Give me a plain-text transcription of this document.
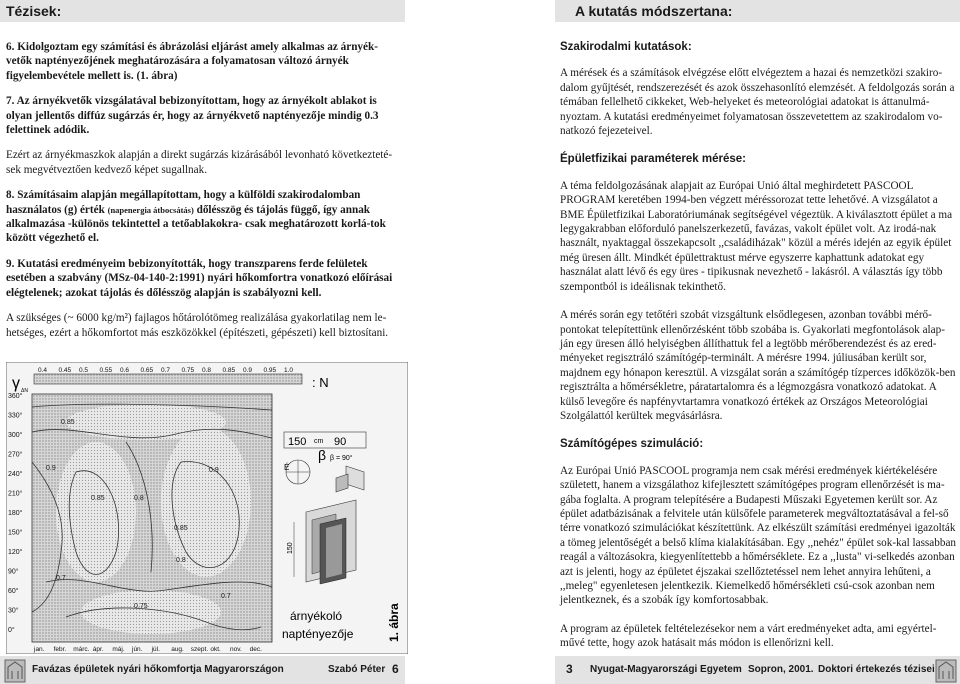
Tézisek:	A kutatás módszertana:

6. Kidolgoztam egy számítási és ábrázolási eljárást amely alkalmas az árnyék-vetők naptényezőjének meghatározására a folyamatosan változó árnyék figyelembevétele mellett is. (1. ábra)

7. Az árnyékvetők vizsgálatával bebizonyítottam, hogy az árnyékolt ablakot is olyan jellentős diffúz sugárzás ér, hogy az árnyékvető naptényezője mindig 0.3 felettinek adódik.

Ezért az árnyékmaszkok alapján a direkt sugárzás kizárásából levonható következteté-sek megvétveztően kedvező képet sugallnak.

8. Számításaim alapján megállapítottam, hogy a külföldi szakirodalomban használatos (g) érték (napenergia átbocsátás) dőlésszög és tájolás függő, így annak alkalmazása -különös tekintettel a tetőablakokra- csak meghatározott korlá-tok között végezhető el.

9. Kutatási eredményeim bebizonyították, hogy transzparens ferde felületek esetében a szabvány (MSz-04-140-2:1991) nyári hőkomfortra vonatkozó előírásai elégtelenek; azokat tájolás és dőlésszög alapján is szabályozni kell.

A szükséges (~ 6000 kg/m²) fajlagos hőtárolótömeg realizálása gyakorlatilag nem le-hetséges, ezért a hőkomfortot más eszközökkel (építészeti, gépészeti) kell biztosítani.

γ ΔN
: N
0.85
0.9
0.85	0.8
0.85
0.9
0.8
0.75
0.7
0.7
0.4 0.45 0.5 0.55 0.6 0.65 0.7 0.75 0.8 0.85 0.9 0.95 1.0
360°
330°
300°
270°
240°
210°
180°
150°
120°
90°
60°
30°
0°
jan. febr. márc. ápr. máj. jún. júl. aug. szept. okt. nov. dec.
150 cm 90
β β = 90°
É
150
árnyékoló
naptényezője	1. ábra
Szakirodalmi kutatások:

A mérések és a számítások elvégzése előtt elvégeztem a hazai és nemzetközi szakiro-dalom gyűjtését, rendszerezését és azok összehasonlító elemzését. A feldolgozás során a témában fellelhető cikkeket, Web-helyeket és meteorológiai adatokat is áttanulmá-nyoztam. A kutatási eredményeimet folyamatosan összevetettem az szakirodalom vo-natkozó fejezeteivel.

Épületfizikai paraméterek mérése:

A téma feldolgozásának alapjait az Európai Unió által meghirdetett PASCOOL PROGRAM keretében 1994-ben végzett méréssorozat tette lehetővé. A vizsgálatot a BME Épületfizikai Laboratóriumának segítségével végeztük. A kiválasztott épület a ma legygakrabban előforduló panelszerkezetű, favázas, vakolt épület volt. Az irodá-nak használt, nyaktaggal összekapcsolt ,,családiházak" közül a mérés idején az egyik épület még üresen állt. Mindkét épülettraktust mérve egyszerre kaphattunk adatokat egy használat alatt lévő és egy üres - tipikusnak nevezhető - lakásról. A választás így több szempontból is ideálisnak tekinthető.

A mérés során egy tetőtéri szobát vizsgáltunk elsődlegesen, azonban további mérő-pontokat telepítettünk ellenőrzésként több szobába is. Gyakorlati megfontolások alap-ján egy üresen álló helyiségben állíthattuk fel a legtöbb mérőberendezést és az ered-ményeket regisztráló számítógép-terminált. A mérésre 1994. júliusában került sor, majdnem egy hónapon keresztül. A vizsgálat során a számítógép tízperces időközök-ben regisztrálta a hőmérsékletre, páratartalomra és a légmozgásra vonatkozó adatokat. A külső levegőre és napfényvtartamra vonatkozó értékek az Országos Meteorológiai Szolgálattól kerültek megvásárlásra.

Számítógépes szimuláció:

Az Európai Unió PASCOOL programja nem csak mérési eredmények kiértékelésére született, hanem a vizsgálathoz kifejlesztett számítógépes program ellenőrzését is ma-gába foglalta. A program telepítésére a Budapesti Műszaki Egyetemen került sor. Az épület adatbázisának a felvitele után külsőfele parameterek megváltoztatásával a fel-ső térre vonatkozó szimulációkat készítettünk. Az elkészült számítási eredményei igazolták a tömeg jelentőségét a belső klíma kialakításában. Egy ,,nehéz" épület sok-kal lassabban reagál a változásokra, kiegyenlítettebb a hőmérséklete. Ez a ,,lusta" vi-selkedés azonban azt is jelenti, hogy az épületet éjszakai szellőztetéssel nem lehet annyira lehűteni, a ,,meleg" egyenletesen jelentkezik. Kiemelkedő hőmérsékleti csú-csok azonban nem jelentkeznek, és a szobák így komfortosabbak.

A program az épületek feltételezésekor nem a várt eredményeket adta, ami egyértel-művé tette, hogy azok hatásait más módon is ellenőrizni kell.

Favázas épületek nyári hőkomfortja Magyarországon	Szabó Péter 6	3 Nyugat-Magyarországi Egyetem Sopron, 2001. Doktori értekezés tézisei
